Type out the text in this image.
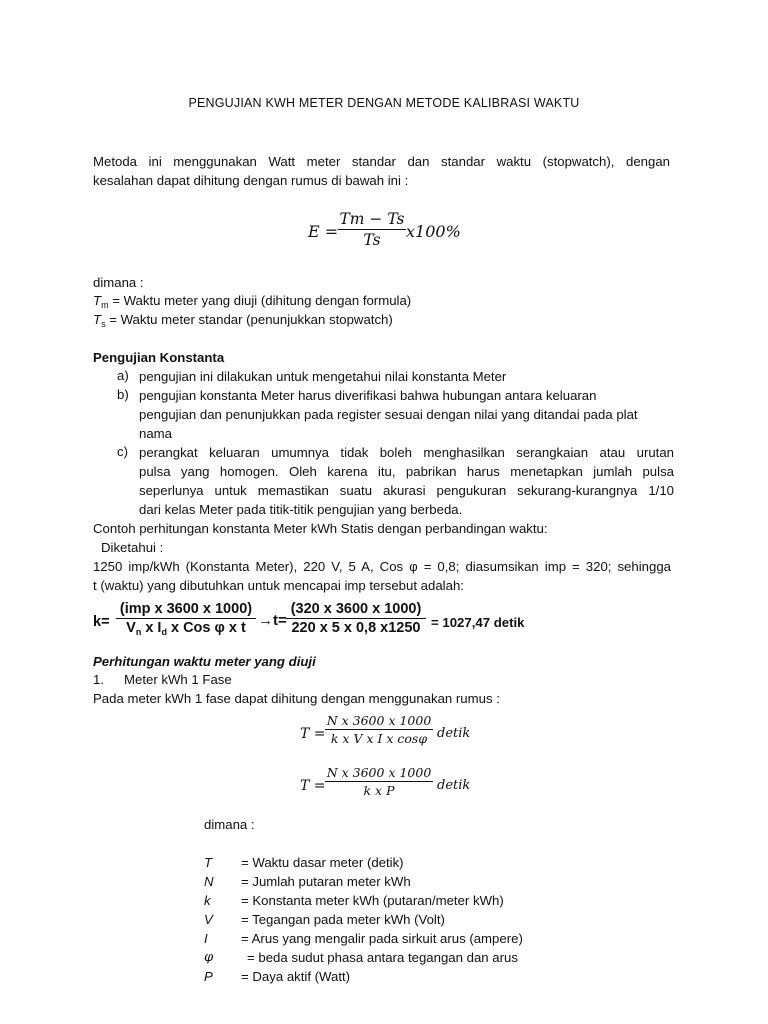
PENGUJIAN KWH METER DENGAN METODE KALIBRASI WAKTU
Metoda ini menggunakan Watt meter standar dan standar waktu (stopwatch), dengan
kesalahan dapat dihitung dengan rumus di bawah ini :
E =
Tm − Ts
Ts	x100%
dimana :
$T_m$ = Waktu meter yang diuji (dihitung dengan formula)
$T_s$ = Waktu meter standar (penunjukkan stopwatch)
Pengujian Konstanta
a) pengujian ini dilakukan untuk mengetahui nilai konstanta Meter
b) pengujian konstanta Meter harus diverifikasi bahwa hubungan antara keluaran
pengujian dan penunjukkan pada register sesuai dengan nilai yang ditandai pada plat
nama
c) perangkat keluaran umumnya tidak boleh menghasilkan serangkaian atau urutan
pulsa yang homogen. Oleh karena itu, pabrikan harus menetapkan jumlah pulsa
seperlunya untuk memastikan suatu akurasi pengukuran sekurang-kurangnya 1/10
dari kelas Meter pada titik-titik pengujian yang berbeda.
Contoh perhitungan konstanta Meter kWh Statis dengan perbandingan waktu:
Diketahui :
1250 imp/kWh (Konstanta Meter), 220 V, 5 A, Cos φ = 0,8; diasumsikan imp = 320; sehingga
t (waktu) yang dibutuhkan untuk mencapai imp tersebut adalah:
k=
(imp x 3600 x 1000)
$V_n$ x $I_d$ x Cos φ x t →t=
(320 x 3600 x 1000)
220 x 5 x 0,8 x1250 = 1027,47 detik
Perhitungan waktu meter yang diuji
1. Meter kWh 1 Fase
Pada meter kWh 1 fase dapat dihitung dengan menggunakan rumus :
T =
N x 3600 x 1000
k x V x I x cosφ detik
T =
N x 3600 x 1000
k x P	detik
dimana :
T = Waktu dasar meter (detik)
N = Jumlah putaran meter kWh
k = Konstanta meter kWh (putaran/meter kWh)
V = Tegangan pada meter kWh (Volt)
I	= Arus yang mengalir pada sirkuit arus (ampere)
φ	= beda sudut phasa antara tegangan dan arus
P = Daya aktif (Watt)
